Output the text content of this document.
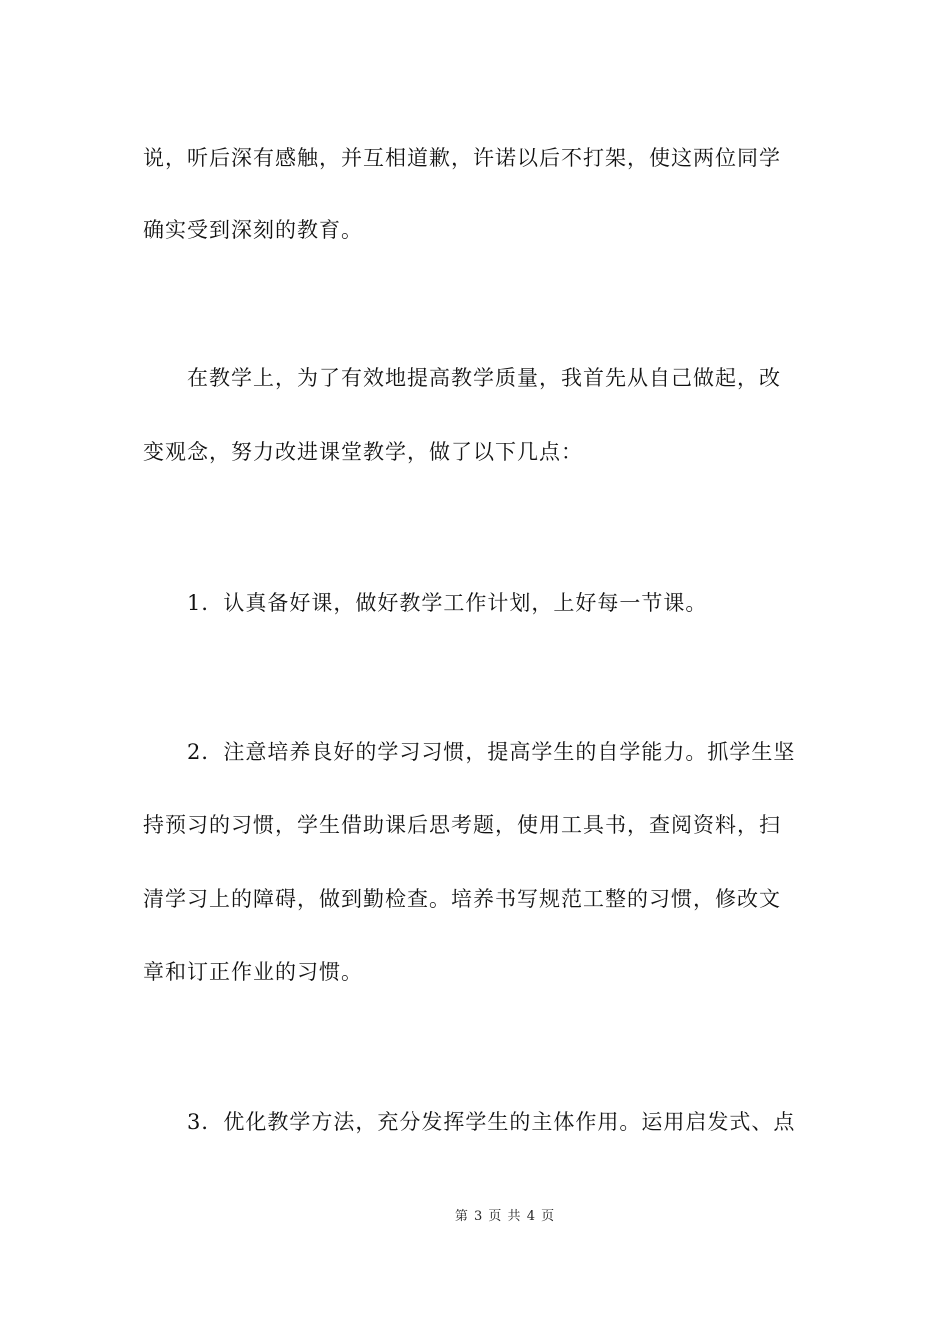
说，听后深有感触，并互相道歉，许诺以后不打架，使这两位同学
确实受到深刻的教育。
　　在教学上，为了有效地提高教学质量，我首先从自己做起，改
变观念，努力改进课堂教学，做了以下几点：
　　1．认真备好课，做好教学工作计划，上好每一节课。
　　2．注意培养良好的学习习惯，提高学生的自学能力。抓学生坚
持预习的习惯，学生借助课后思考题，使用工具书，查阅资料，扫
清学习上的障碍，做到勤检查。培养书写规范工整的习惯，修改文
章和订正作业的习惯。
　　3．优化教学方法，充分发挥学生的主体作用。运用启发式、点
第 3 页 共 4 页
